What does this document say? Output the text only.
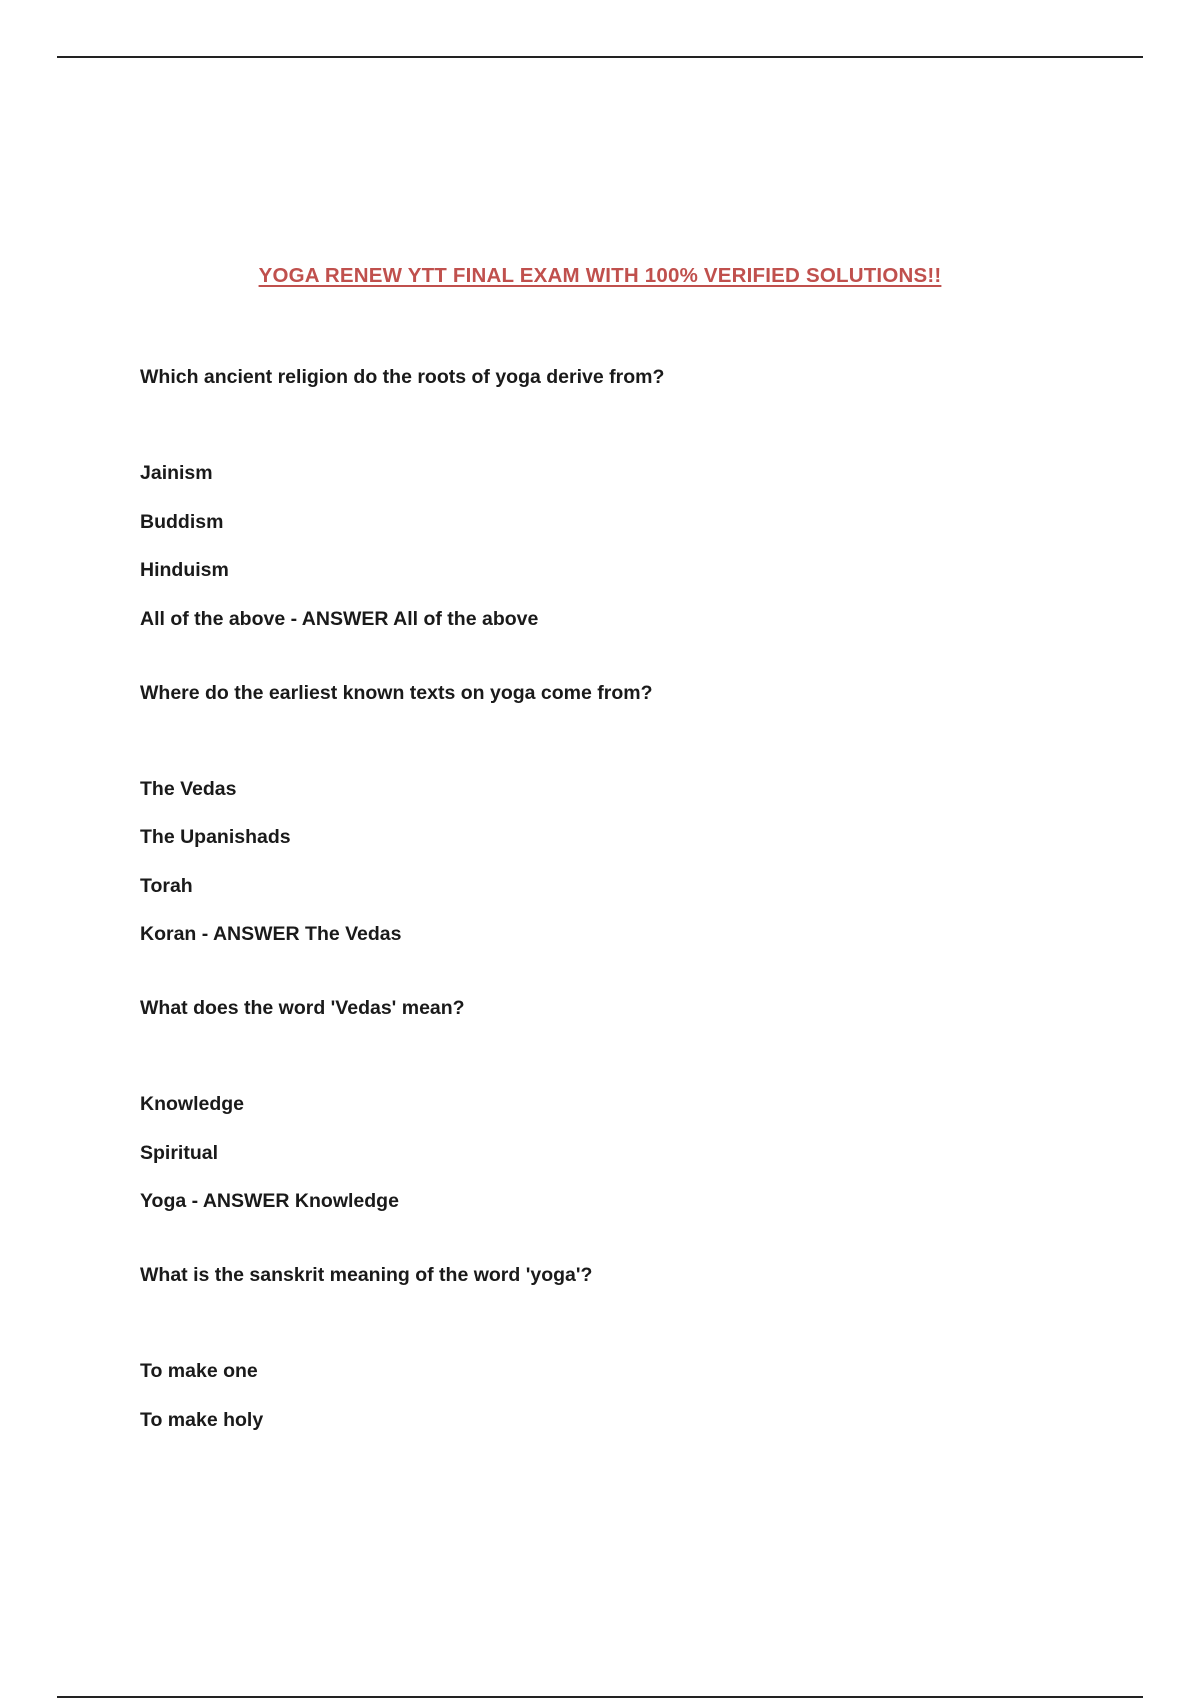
YOGA RENEW YTT FINAL EXAM WITH 100% VERIFIED SOLUTIONS!!

Which ancient religion do the roots of yoga derive from?

Jainism
Buddism
Hinduism
All of the above - ANSWER All of the above

Where do the earliest known texts on yoga come from?

The Vedas
The Upanishads
Torah
Koran - ANSWER The Vedas

What does the word 'Vedas' mean?

Knowledge
Spiritual
Yoga - ANSWER Knowledge

What is the sanskrit meaning of the word 'yoga'?

To make one
To make holy
